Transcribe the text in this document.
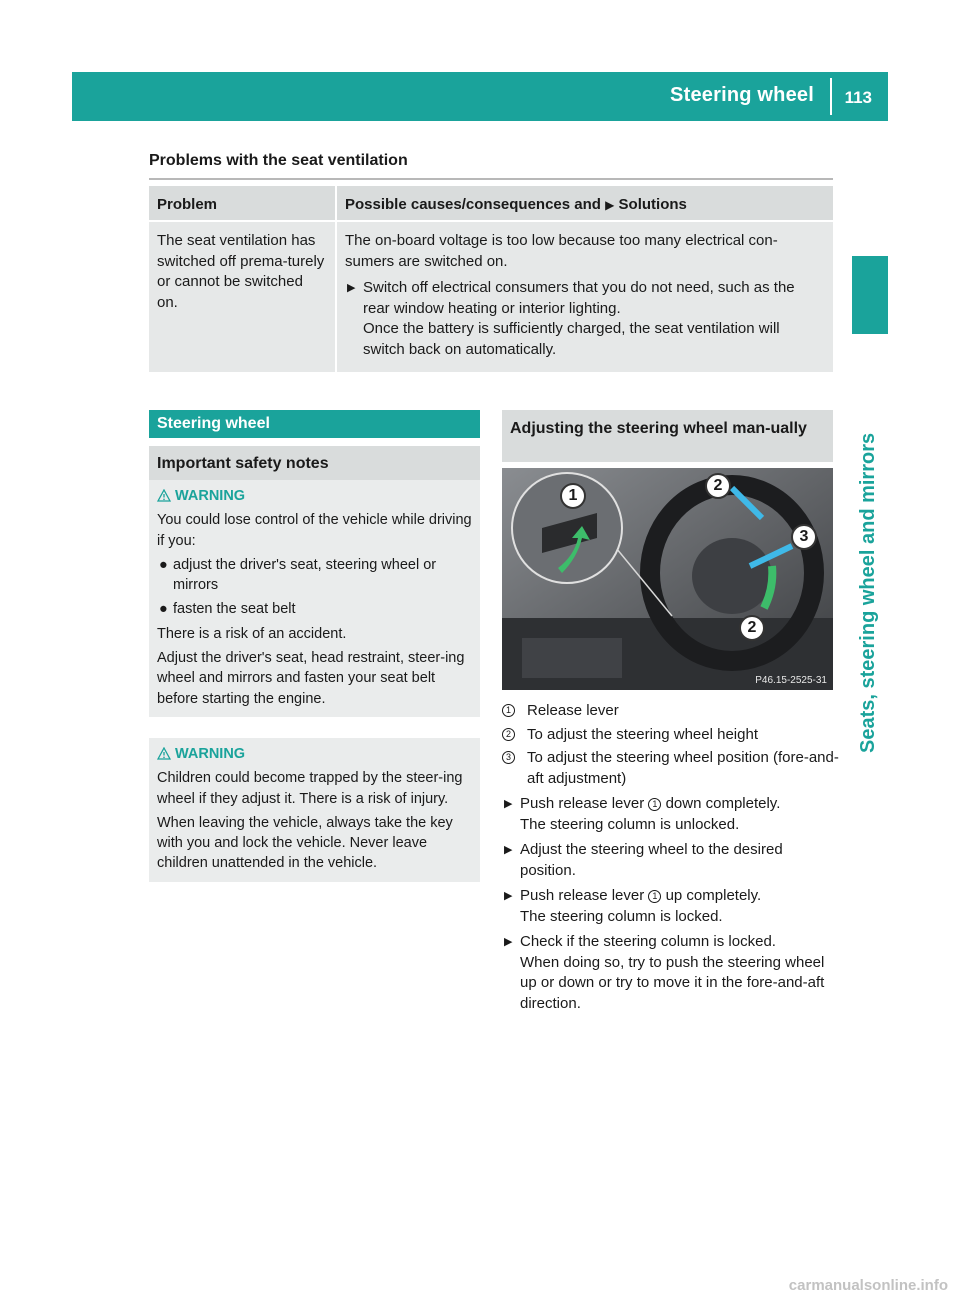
Steering wheel 113
Seats, steering wheel and mirrors
Problems with the seat ventilation
Problem	Possible causes/consequences and ▶ Solutions
The seat ventilation has switched off prema-turely or cannot be switched on.
The on-board voltage is too low because too many electrical con-sumers are switched on.
▶ Switch off electrical consumers that you do not need, such as the rear window heating or interior lighting.
Once the battery is sufficiently charged, the seat ventilation will switch back on automatically.
Steering wheel
Important safety notes
WARNING
You could lose control of the vehicle while driving if you:
● adjust the driver's seat, steering wheel or mirrors
● fasten the seat belt
There is a risk of an accident.
Adjust the driver's seat, head restraint, steer-ing wheel and mirrors and fasten your seat belt before starting the engine.
WARNING
Children could become trapped by the steer-ing wheel if they adjust it. There is a risk of injury.
When leaving the vehicle, always take the key with you and lock the vehicle. Never leave children unattended in the vehicle.
Adjusting the steering wheel man-ually
1
2
3
2
P46.15-2525-31
1 Release lever
2 To adjust the steering wheel height
3 To adjust the steering wheel position (fore-and-aft adjustment)
▶ Push release lever 1 down completely.
The steering column is unlocked.
▶ Adjust the steering wheel to the desired position.
▶ Push release lever 1 up completely.
The steering column is locked.
▶ Check if the steering column is locked.
When doing so, try to push the steering wheel up or down or try to move it in the fore-and-aft direction.
carmanualsonline.info
